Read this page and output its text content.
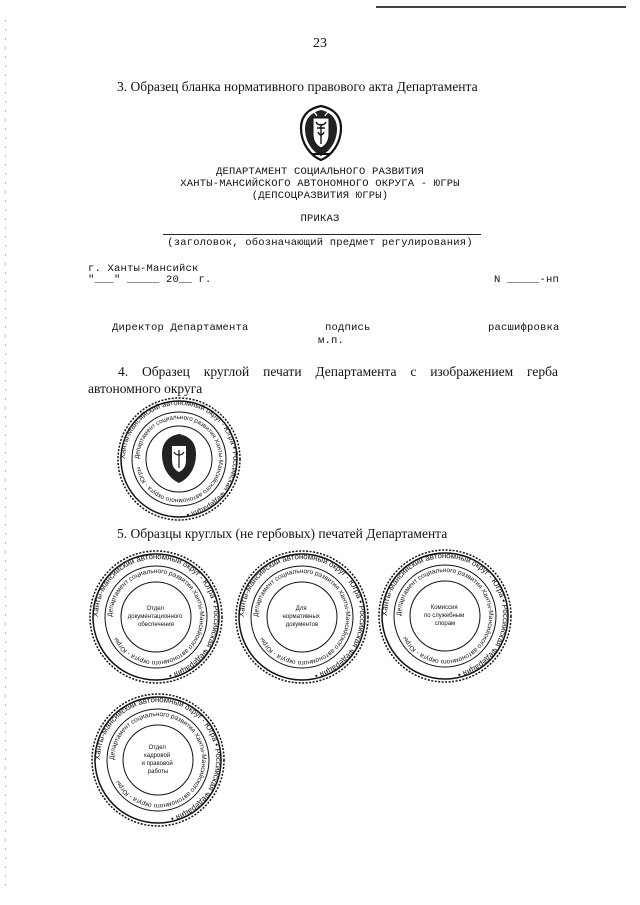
23
3. Образец бланка нормативного правового акта Департамента
ДЕПАРТАМЕНТ СОЦИАЛЬНОГО РАЗВИТИЯ
ХАНТЫ-МАНСИЙСКОГО АВТОНОМНОГО ОКРУГА - ЮГРЫ
(ДЕПСОЦРАЗВИТИЯ ЮГРЫ)
ПРИКАЗ
(заголовок, обозначающий предмет регулирования)
г. Ханты-Мансийск
"___" _____ 20__ г.	N _____-нп
Директор Департамента	подпись	расшифровка
м.п.
4. Образец круглой печати Департамента с изображением герба автономного округа
Ханты-Мансийский автономный округ - Югра • Российская Федерация •
Департамент социального развития Ханты-Мансийского автономного округа - Югры
5. Образцы круглых (не гербовых) печатей Департамента
Ханты-Мансийский автономный округ - Югра • Российская Федерация •
Департамент социального развития Ханты-Мансийского автономного округа - Югры
Отдел документационного обеспечения
Ханты-Мансийский автономный округ - Югра • Российская Федерация •
Департамент социального развития Ханты-Мансийского автономного округа - Югры
Для нормативных документов
Ханты-Мансийский автономный округ - Югра • Российская Федерация •
Департамент социального развития Ханты-Мансийского автономного округа - Югры
Комиссия по служебным спорам
Ханты-Мансийский автономный округ - Югра • Российская Федерация •
Департамент социального развития Ханты-Мансийского автономного округа - Югры
Отдел кадровой и правовой работы
